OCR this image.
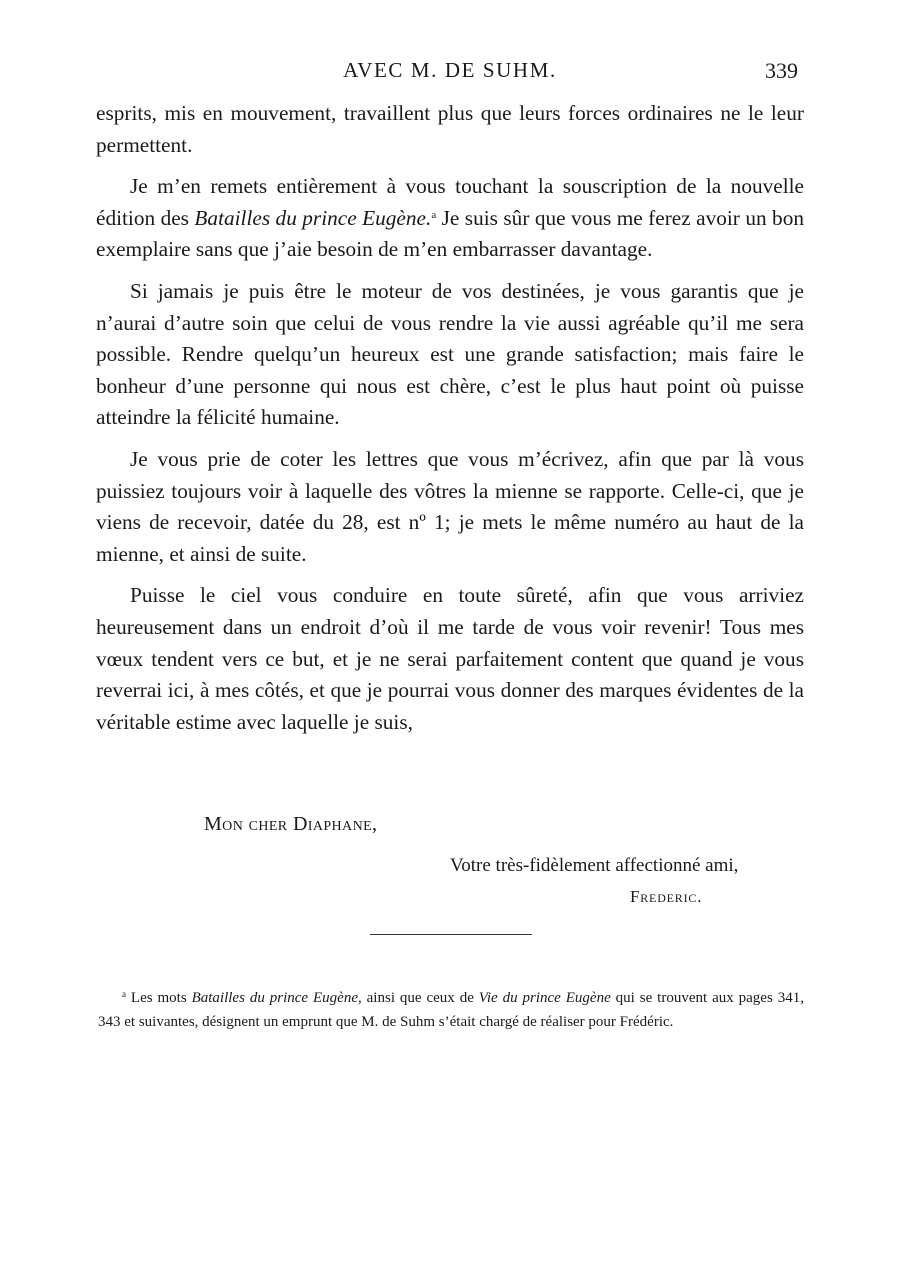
AVEC M. DE SUHM.	339

esprits, mis en mouvement, travaillent plus que leurs forces ordinaires ne le leur permettent.

Je m’en remets entièrement à vous touchant la souscription de la nouvelle édition des Batailles du prince Eugène.$^a$ Je suis sûr que vous me ferez avoir un bon exemplaire sans que j’aie besoin de m’en embarrasser davantage.

Si jamais je puis être le moteur de vos destinées, je vous garantis que je n’aurai d’autre soin que celui de vous rendre la vie aussi agréable qu’il me sera possible. Rendre quelqu’un heureux est une grande satisfaction; mais faire le bonheur d’une personne qui nous est chère, c’est le plus haut point où puisse atteindre la félicité humaine.

Je vous prie de coter les lettres que vous m’écrivez, afin que par là vous puissiez toujours voir à laquelle des vôtres la mienne se rapporte. Celle-ci, que je viens de recevoir, datée du 28, est nº 1; je mets le même numéro au haut de la mienne, et ainsi de suite.

Puisse le ciel vous conduire en toute sûreté, afin que vous arriviez heureusement dans un endroit d’où il me tarde de vous voir revenir! Tous mes vœux tendent vers ce but, et je ne serai parfaitement content que quand je vous reverrai ici, à mes côtés, et que je pourrai vous donner des marques évidentes de la véritable estime avec laquelle je suis,

Mon cher Diaphane,
Votre très-fidèlement affectionné ami,
Frederic.
$^a$ Les mots Batailles du prince Eugène, ainsi que ceux de Vie du prince Eugène qui se trouvent aux pages 341, 343 et suivantes, désignent un emprunt que M. de Suhm s’était chargé de réaliser pour Frédéric.
